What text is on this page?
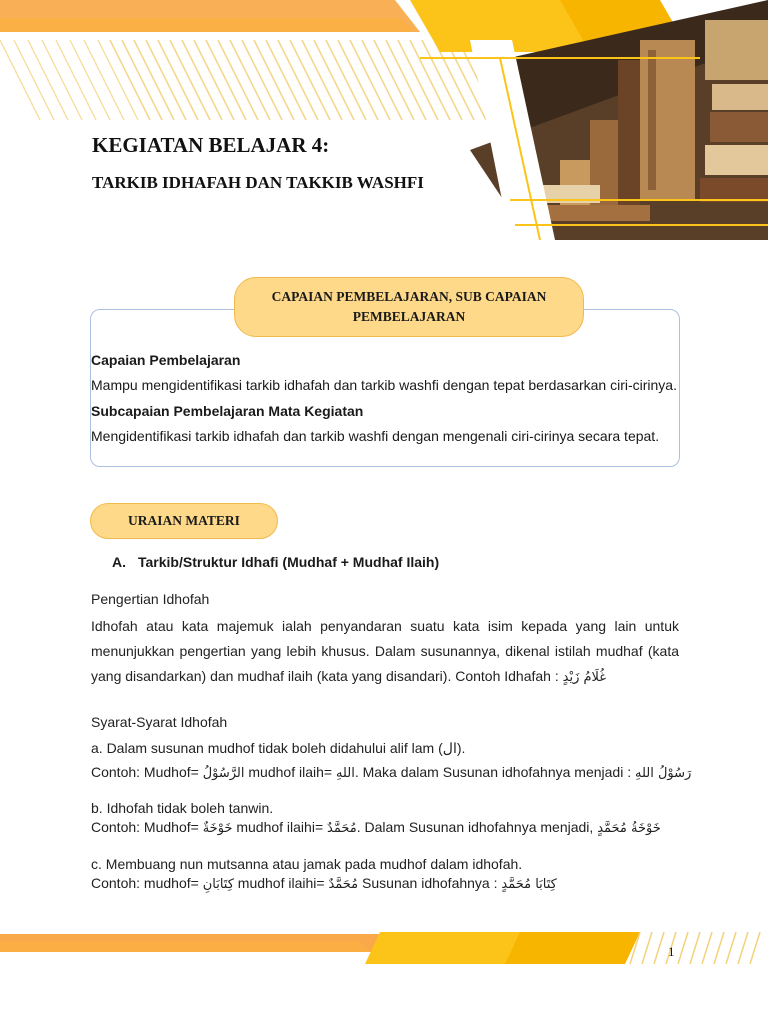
KEGIATAN BELAJAR 4:
TARKIB IDHAFAH DAN TAKKIB WASHFI
CAPAIAN PEMBELAJARAN, SUB CAPAIAN PEMBELAJARAN
Capaian Pembelajaran
Mampu mengidentifikasi tarkib idhafah dan tarkib washfi dengan tepat berdasarkan ciri-cirinya.
Subcapaian Pembelajaran Mata Kegiatan
Mengidentifikasi tarkib idhafah dan tarkib washfi dengan mengenali ciri-cirinya secara tepat.
URAIAN MATERI
A. Tarkib/Struktur Idhafi (Mudhaf + Mudhaf Ilaih)
Pengertian Idhofah
Idhofah atau kata majemuk ialah penyandaran suatu kata isim kepada yang lain untuk menunjukkan pengertian yang lebih khusus. Dalam susunannya, dikenal istilah mudhaf (kata yang disandarkan) dan mudhaf ilaih (kata yang disandari). Contoh Idhafah : غُلَامُ زَيْدٍ
Syarat-Syarat Idhofah
a. Dalam susunan mudhof tidak boleh didahului alif lam (ال).
Contoh: Mudhof= الرَّسُوْلُ mudhof ilaih= اللهِ. Maka dalam Susunan idhofahnya menjadi : رَسُوْلُ اللهِ
b. Idhofah tidak boleh tanwin.
Contoh: Mudhof= خَوْخَةٌ mudhof ilaihi= مُحَمَّدٌ. Dalam Susunan idhofahnya menjadi, خَوْخَةُ مُحَمَّدٍ
c. Membuang nun mutsanna atau jamak pada mudhof dalam idhofah.
Contoh: mudhof= كِتَابَانِ mudhof ilaihi= مُحَمَّدٌ Susunan idhofahnya : كِتَابَا مُحَمَّدٍ
1
